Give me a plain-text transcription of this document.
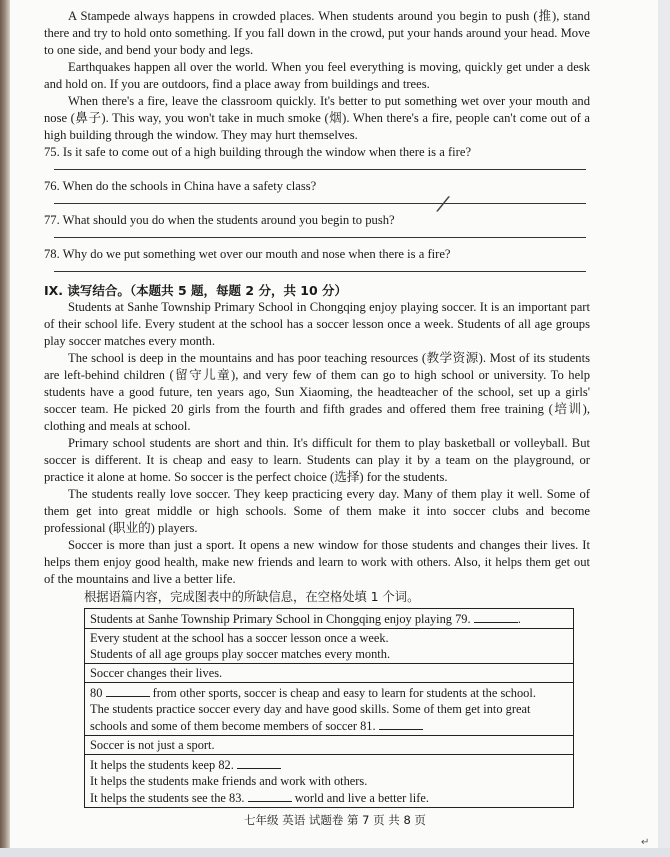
A Stampede always happens in crowded places. When students around you begin to push (推), stand there and try to hold onto something. If you fall down in the crowd, put your hands around your head. Move to one side, and bend your body and legs.

Earthquakes happen all over the world. When you feel everything is moving, quickly get under a desk and hold on. If you are outdoors, find a place away from buildings and trees.

When there's a fire, leave the classroom quickly. It's better to put something wet over your mouth and nose (鼻子). This way, you won't take in much smoke (烟). When there's a fire, people can't come out of a high building through the window. They may hurt themselves.

75. Is it safe to come out of a high building through the window when there is a fire?
76. When do the schools in China have a safety class?
77. What should you do when the students around you begin to push?
78. Why do we put something wet over our mouth and nose when there is a fire?
IX. 读写结合。（本题共 5 题，每题 2 分，共 10 分）

Students at Sanhe Township Primary School in Chongqing enjoy playing soccer. It is an important part of their school life. Every student at the school has a soccer lesson once a week. Students of all age groups play soccer matches every month.

The school is deep in the mountains and has poor teaching resources (教学资源). Most of its students are left-behind children (留守儿童), and very few of them can go to high school or university. To help students have a good future, ten years ago, Sun Xiaoming, the headteacher of the school, set up a girls' soccer team. He picked 20 girls from the fourth and fifth grades and offered them free training (培训), clothing and meals at school.

Primary school students are short and thin. It's difficult for them to play basketball or volleyball. But soccer is different. It is cheap and easy to learn. Students can play it by a team on the playground, or practice it alone at home. So soccer is the perfect choice (选择) for the students.

The students really love soccer. They keep practicing every day. Many of them play it well. Some of them get into great middle or high schools. Some of them make it into soccer clubs and become professional (职业的) players.

Soccer is more than just a sport. It opens a new window for those students and changes their lives. It helps them enjoy good health, make new friends and learn to work with others. Also, it helps them get out of the mountains and live a better life.

根据语篇内容，完成图表中的所缺信息，在空格处填 1 个词。
Students at Sanhe Township Primary School in Chongqing enjoy playing 79.	.

Every student at the school has a soccer lesson once a week.
Students of all age groups play soccer matches every month.

Soccer changes their lives.

80	from other sports, soccer is cheap and easy to learn for students at the school.
The students practice soccer every day and have good skills. Some of them get into great schools and some of them become members of soccer 81.

Soccer is not just a sport.

It helps the students keep 82.
It helps the students make friends and work with others.
It helps the students see the 83.	world and live a better life.
⁄
七年级 英语 试题卷 第 7 页 共 8 页
↵
